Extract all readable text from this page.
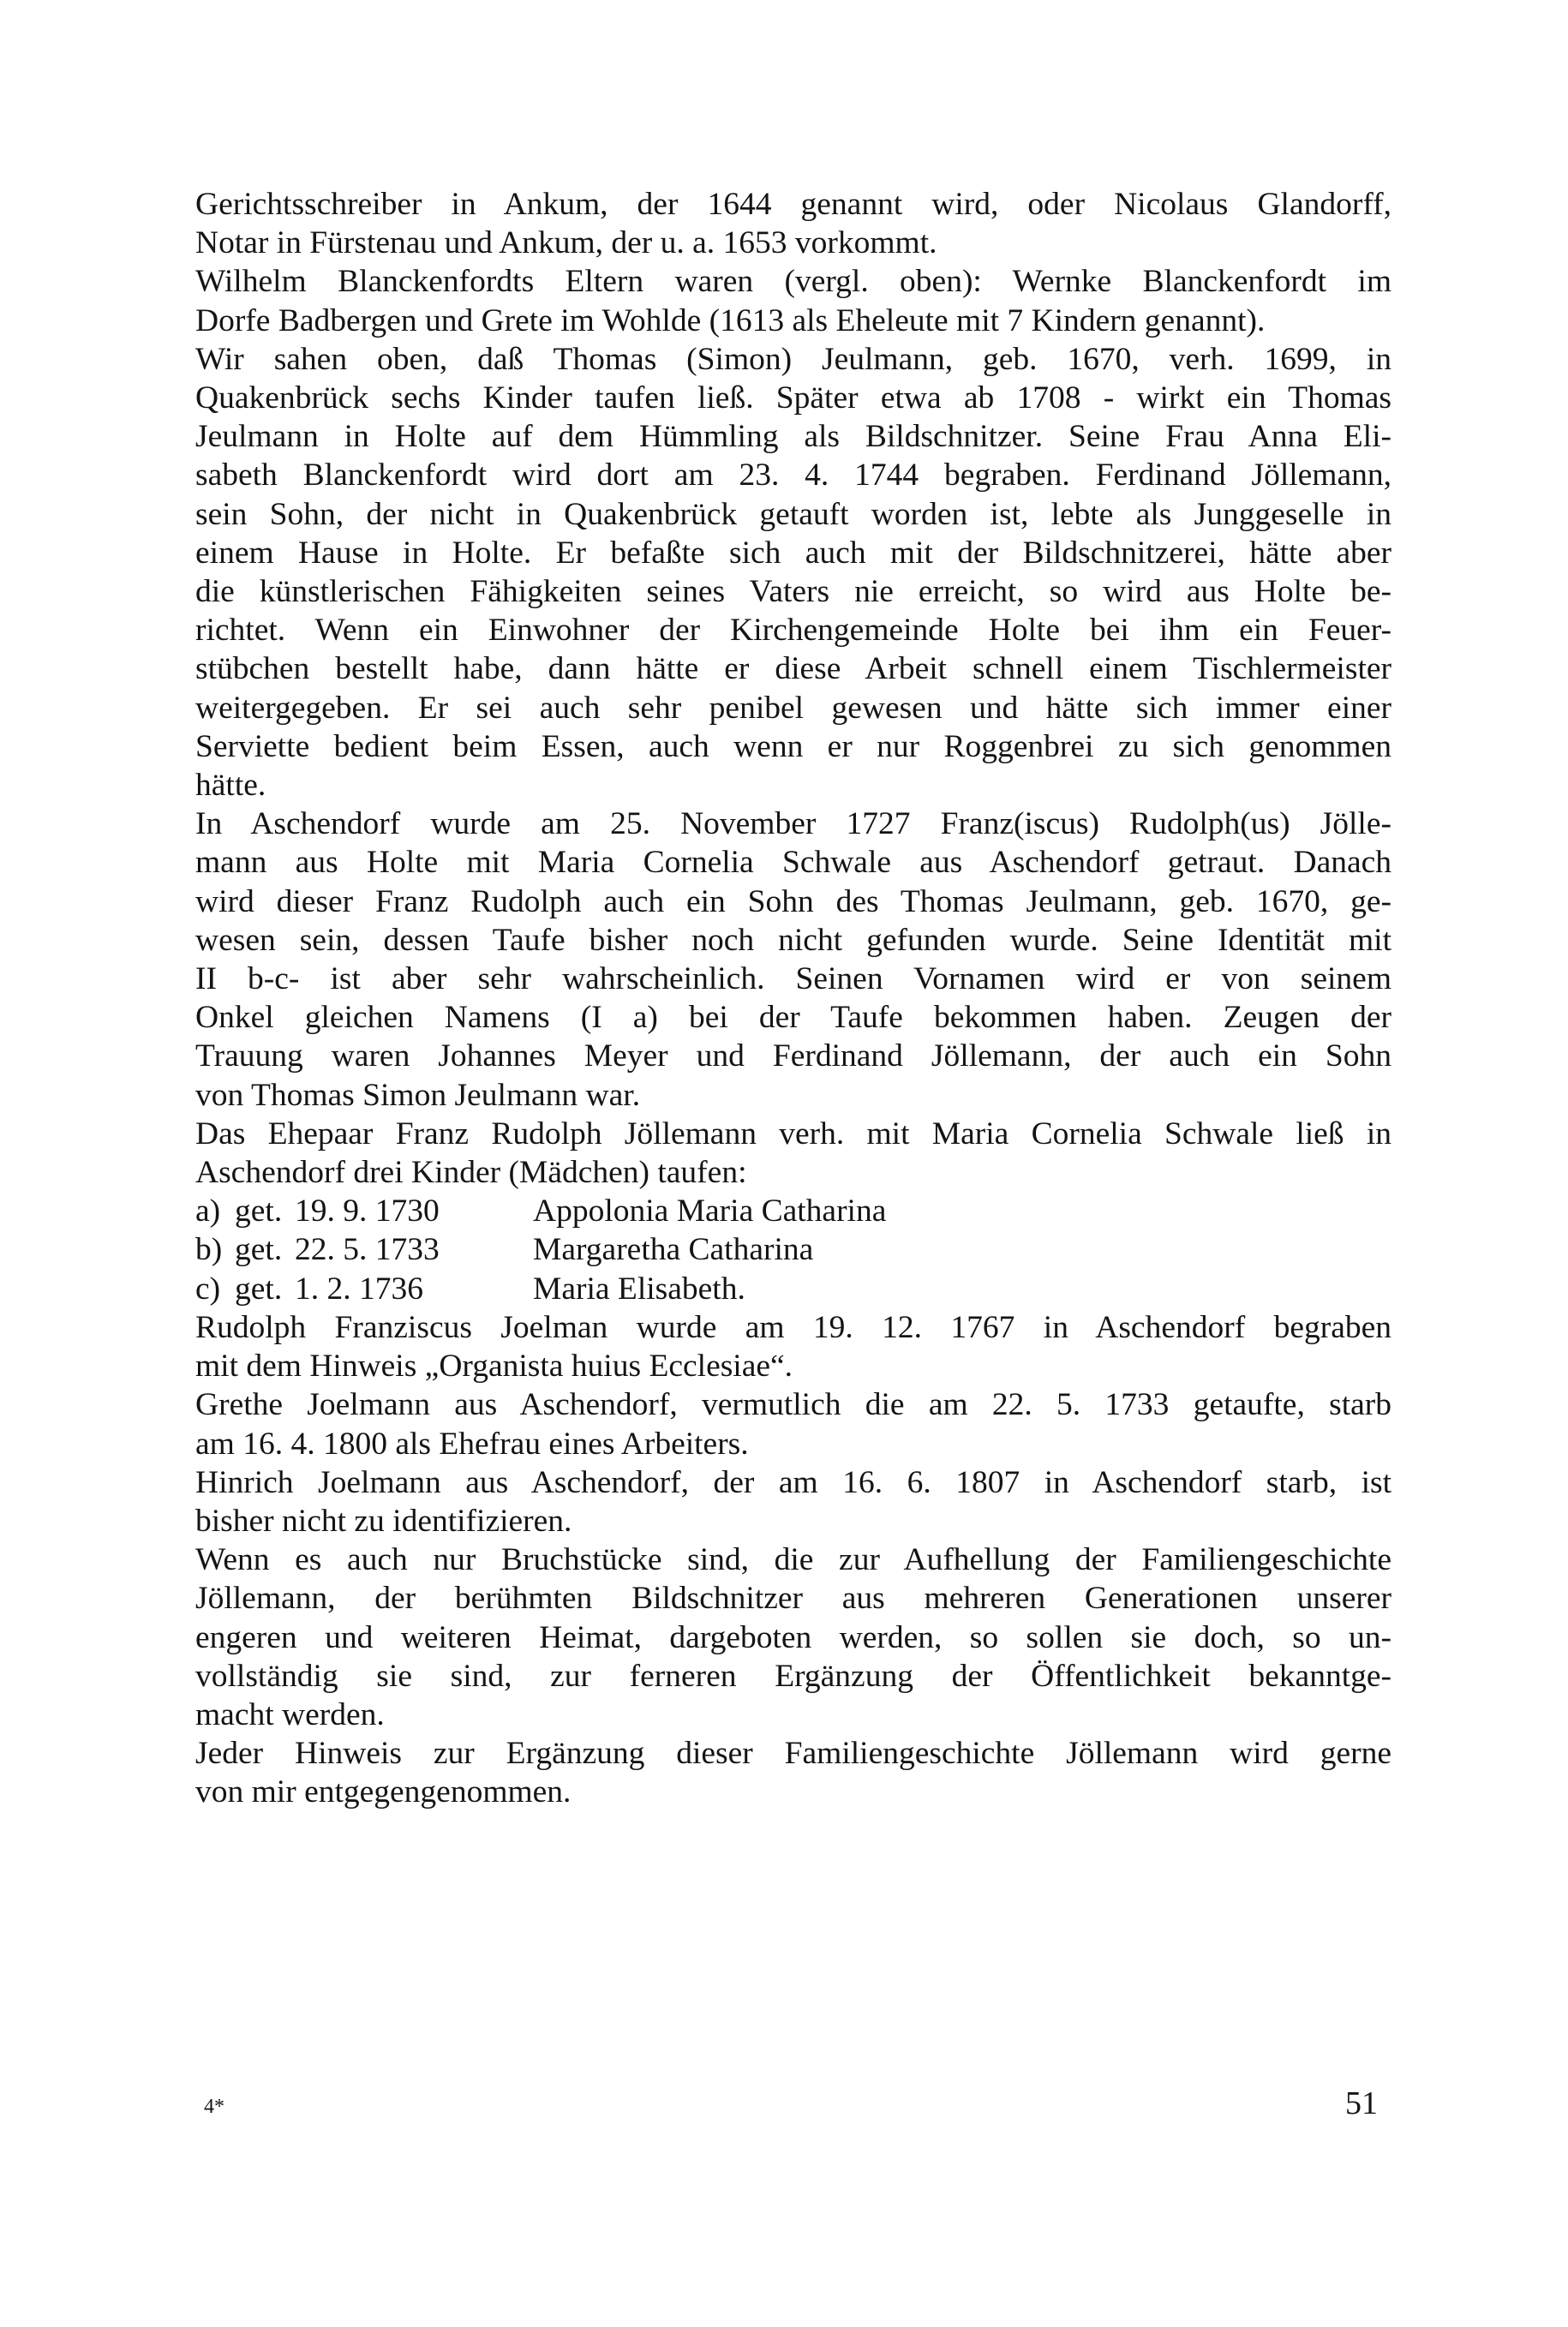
Gerichtsschreiber in Ankum, der 1644 genannt wird, oder Nicolaus Glandorff,
Notar in Fürstenau und Ankum, der u. a. 1653 vorkommt.

Wilhelm Blanckenfordts Eltern waren (vergl. oben): Wernke Blanckenfordt im
Dorfe Badbergen und Grete im Wohlde (1613 als Eheleute mit 7 Kindern genannt).

Wir sahen oben, daß Thomas (Simon) Jeulmann, geb. 1670, verh. 1699, in
Quakenbrück sechs Kinder taufen ließ. Später etwa ab 1708 - wirkt ein Thomas
Jeulmann in Holte auf dem Hümmling als Bildschnitzer. Seine Frau Anna Eli-
sabeth Blanckenfordt wird dort am 23. 4. 1744 begraben. Ferdinand Jöllemann,
sein Sohn, der nicht in Quakenbrück getauft worden ist, lebte als Junggeselle in
einem Hause in Holte. Er befaßte sich auch mit der Bildschnitzerei, hätte aber
die künstlerischen Fähigkeiten seines Vaters nie erreicht, so wird aus Holte be-
richtet. Wenn ein Einwohner der Kirchengemeinde Holte bei ihm ein Feuer-
stübchen bestellt habe, dann hätte er diese Arbeit schnell einem Tischlermeister
weitergegeben. Er sei auch sehr penibel gewesen und hätte sich immer einer
Serviette bedient beim Essen, auch wenn er nur Roggenbrei zu sich genommen
hätte.

In Aschendorf wurde am 25. November 1727 Franz(iscus) Rudolph(us) Jölle-
mann aus Holte mit Maria Cornelia Schwale aus Aschendorf getraut. Danach
wird dieser Franz Rudolph auch ein Sohn des Thomas Jeulmann, geb. 1670, ge-
wesen sein, dessen Taufe bisher noch nicht gefunden wurde. Seine Identität mit
II b-c- ist aber sehr wahrscheinlich. Seinen Vornamen wird er von seinem
Onkel gleichen Namens (I a) bei der Taufe bekommen haben. Zeugen der
Trauung waren Johannes Meyer und Ferdinand Jöllemann, der auch ein Sohn
von Thomas Simon Jeulmann war.

Das Ehepaar Franz Rudolph Jöllemann verh. mit Maria Cornelia Schwale ließ in
Aschendorf drei Kinder (Mädchen) taufen:

a) get. 19. 9. 1730	Appolonia Maria Catharina
b) get. 22. 5. 1733	Margaretha Catharina
c) get. 1. 2. 1736	Maria Elisabeth.

Rudolph Franziscus Joelman wurde am 19. 12. 1767 in Aschendorf begraben
mit dem Hinweis „Organista huius Ecclesiae“.

Grethe Joelmann aus Aschendorf, vermutlich die am 22. 5. 1733 getaufte, starb
am 16. 4. 1800 als Ehefrau eines Arbeiters.

Hinrich Joelmann aus Aschendorf, der am 16. 6. 1807 in Aschendorf starb, ist
bisher nicht zu identifizieren.

Wenn es auch nur Bruchstücke sind, die zur Aufhellung der Familiengeschichte
Jöllemann, der berühmten Bildschnitzer aus mehreren Generationen unserer
engeren und weiteren Heimat, dargeboten werden, so sollen sie doch, so un-
vollständig sie sind, zur ferneren Ergänzung der Öffentlichkeit bekanntge-
macht werden.

Jeder Hinweis zur Ergänzung dieser Familiengeschichte Jöllemann wird gerne
von mir entgegengenommen.

4*	51
